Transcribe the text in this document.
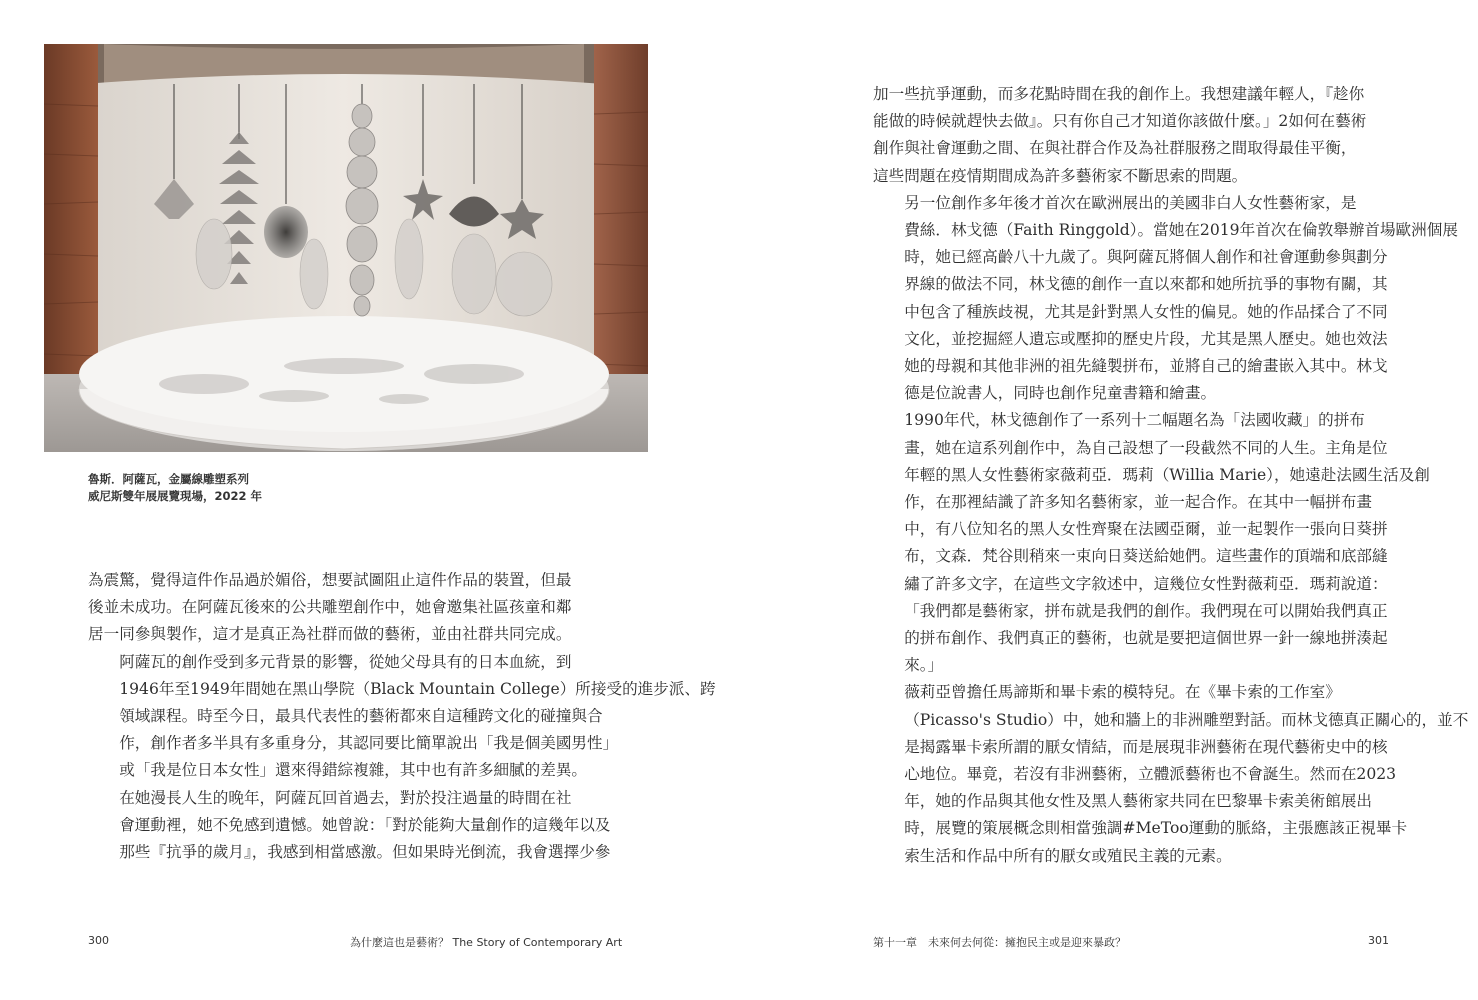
魯斯．阿薩瓦，金屬線雕塑系列
威尼斯雙年展展覽現場，2022 年

為震驚，覺得這件作品過於媚俗，想要試圖阻止這件作品的裝置，但最
後並未成功。在阿薩瓦後來的公共雕塑創作中，她會邀集社區孩童和鄰
居一同參與製作，這才是真正為社群而做的藝術，並由社群共同完成。

阿薩瓦的創作受到多元背景的影響，從她父母具有的日本血統，到
1946年至1949年間她在黑山學院（Black Mountain College）所接受的進步派、跨
領域課程。時至今日，最具代表性的藝術都來自這種跨文化的碰撞與合
作，創作者多半具有多重身分，其認同要比簡單說出「我是個美國男性」
或「我是位日本女性」還來得錯綜複雜，其中也有許多細膩的差異。

在她漫長人生的晚年，阿薩瓦回首過去，對於投注過量的時間在社
會運動裡，她不免感到遺憾。她曾說：「對於能夠大量創作的這幾年以及
那些『抗爭的歲月』，我感到相當感激。但如果時光倒流，我會選擇少參

300	為什麼這也是藝術？ The Story of Contemporary Art

加一些抗爭運動，而多花點時間在我的創作上。我想建議年輕人，『趁你
能做的時候就趕快去做』。只有你自己才知道你該做什麼。」2如何在藝術
創作與社會運動之間、在與社群合作及為社群服務之間取得最佳平衡，
這些問題在疫情期間成為許多藝術家不斷思索的問題。

另一位創作多年後才首次在歐洲展出的美國非白人女性藝術家，是
費絲．林戈德（Faith Ringgold）。當她在2019年首次在倫敦舉辦首場歐洲個展
時，她已經高齡八十九歲了。與阿薩瓦將個人創作和社會運動參與劃分
界線的做法不同，林戈德的創作一直以來都和她所抗爭的事物有關，其
中包含了種族歧視，尤其是針對黑人女性的偏見。她的作品揉合了不同
文化，並挖掘經人遺忘或壓抑的歷史片段，尤其是黑人歷史。她也效法
她的母親和其他非洲的祖先縫製拼布，並將自己的繪畫嵌入其中。林戈
德是位說書人，同時也創作兒童書籍和繪畫。

1990年代，林戈德創作了一系列十二幅題名為「法國收藏」的拼布
畫，她在這系列創作中，為自己設想了一段截然不同的人生。主角是位
年輕的黑人女性藝術家薇莉亞．瑪莉（Willia Marie），她遠赴法國生活及創
作，在那裡結識了許多知名藝術家，並一起合作。在其中一幅拼布畫
中，有八位知名的黑人女性齊聚在法國亞爾，並一起製作一張向日葵拼
布，文森．梵谷則稍來一束向日葵送給她們。這些畫作的頂端和底部縫
繡了許多文字，在這些文字敘述中，這幾位女性對薇莉亞．瑪莉說道：
「我們都是藝術家，拼布就是我們的創作。我們現在可以開始我們真正
的拼布創作、我們真正的藝術，也就是要把這個世界一針一線地拼湊起
來。」

薇莉亞曾擔任馬諦斯和畢卡索的模特兒。在《畢卡索的工作室》
（Picasso's Studio）中，她和牆上的非洲雕塑對話。而林戈德真正關心的，並不
是揭露畢卡索所謂的厭女情結，而是展現非洲藝術在現代藝術史中的核
心地位。畢竟，若沒有非洲藝術，立體派藝術也不會誕生。然而在2023
年，她的作品與其他女性及黑人藝術家共同在巴黎畢卡索美術館展出
時，展覽的策展概念則相當強調#MeToo運動的脈絡，主張應該正視畢卡
索生活和作品中所有的厭女或殖民主義的元素。

第十一章　未來何去何從：擁抱民主或是迎來暴政？	301
